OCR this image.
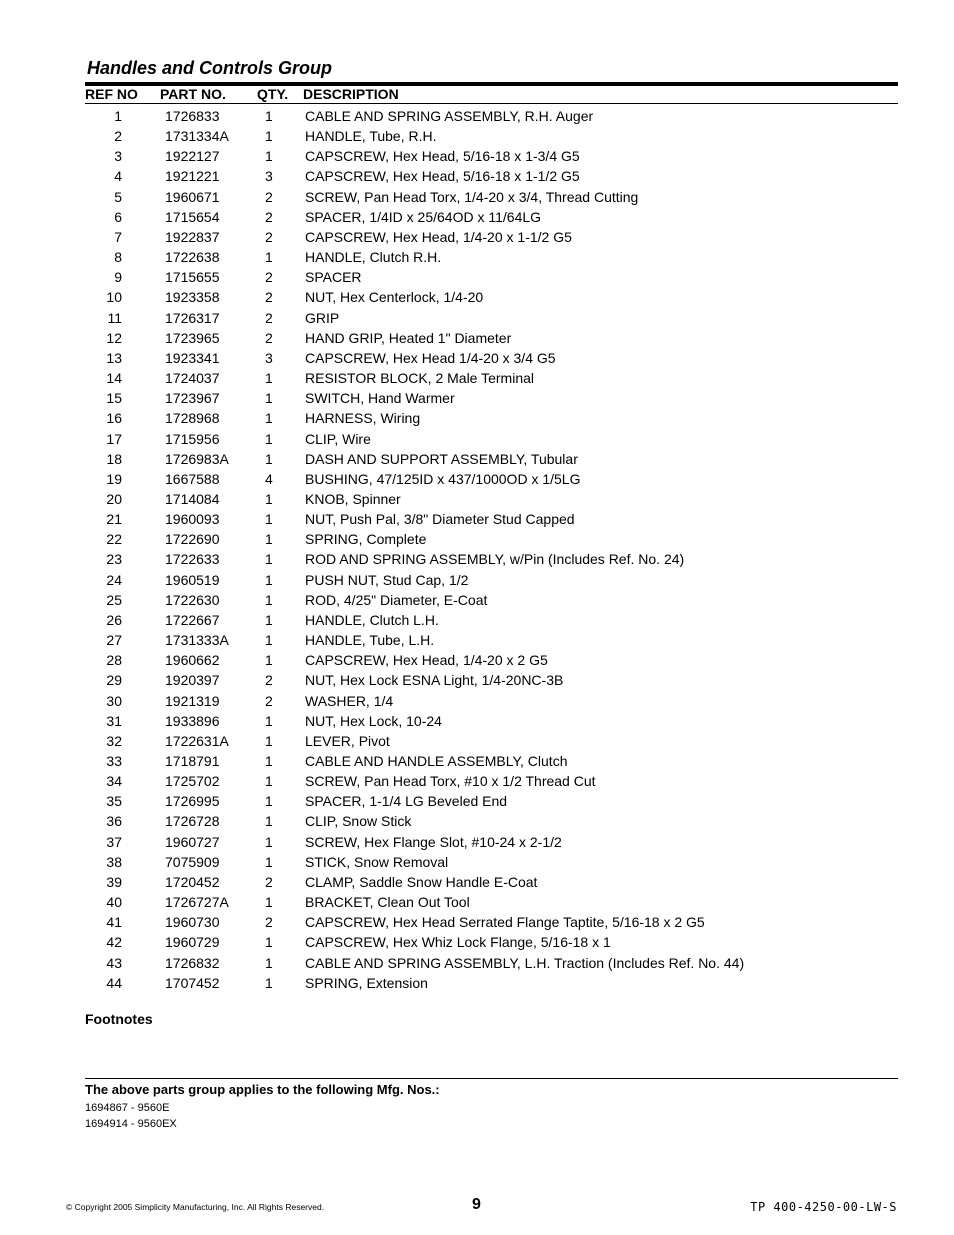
Handles and Controls Group
REF NO PART NO. QTY. DESCRIPTION
1	1726833	1 CABLE AND SPRING ASSEMBLY, R.H. Auger
2	1731334A	1 HANDLE, Tube, R.H.
3	1922127	1 CAPSCREW, Hex Head, 5/16-18 x 1-3/4 G5
4	1921221	3 CAPSCREW, Hex Head, 5/16-18 x 1-1/2 G5
5	1960671	2 SCREW, Pan Head Torx, 1/4-20 x 3/4, Thread Cutting
6	1715654	2 SPACER, 1/4ID x 25/64OD x 11/64LG
7	1922837	2 CAPSCREW, Hex Head, 1/4-20 x 1-1/2 G5
8	1722638	1 HANDLE, Clutch R.H.
9	1715655	2 SPACER
10	1923358	2 NUT, Hex Centerlock, 1/4-20
11	1726317	2 GRIP
12	1723965	2 HAND GRIP, Heated 1" Diameter
13	1923341	3 CAPSCREW, Hex Head 1/4-20 x 3/4 G5
14	1724037	1 RESISTOR BLOCK, 2 Male Terminal
15	1723967	1 SWITCH, Hand Warmer
16	1728968	1 HARNESS, Wiring
17	1715956	1 CLIP, Wire
18	1726983A	1 DASH AND SUPPORT ASSEMBLY, Tubular
19	1667588	4 BUSHING, 47/125ID x 437/1000OD x 1/5LG
20	1714084	1 KNOB, Spinner
21	1960093	1 NUT, Push Pal, 3/8" Diameter Stud Capped
22	1722690	1 SPRING, Complete
23	1722633	1 ROD AND SPRING ASSEMBLY, w/Pin (Includes Ref. No. 24)
24	1960519	1 PUSH NUT, Stud Cap, 1/2
25	1722630	1 ROD, 4/25" Diameter, E-Coat
26	1722667	1 HANDLE, Clutch L.H.
27	1731333A	1 HANDLE, Tube, L.H.
28	1960662	1 CAPSCREW, Hex Head, 1/4-20 x 2 G5
29	1920397	2 NUT, Hex Lock ESNA Light, 1/4-20NC-3B
30	1921319	2 WASHER, 1/4
31	1933896	1 NUT, Hex Lock, 10-24
32	1722631A	1 LEVER, Pivot
33	1718791	1 CABLE AND HANDLE ASSEMBLY, Clutch
34	1725702	1 SCREW, Pan Head Torx, #10 x 1/2 Thread Cut
35	1726995	1 SPACER, 1-1/4 LG Beveled End
36	1726728	1 CLIP, Snow Stick
37	1960727	1 SCREW, Hex Flange Slot, #10-24 x 2-1/2
38	7075909	1 STICK, Snow Removal
39	1720452	2 CLAMP, Saddle Snow Handle E-Coat
40	1726727A	1 BRACKET, Clean Out Tool
41	1960730	2 CAPSCREW, Hex Head Serrated Flange Taptite, 5/16-18 x 2 G5
42	1960729	1 CAPSCREW, Hex Whiz Lock Flange, 5/16-18 x 1
43	1726832	1 CABLE AND SPRING ASSEMBLY, L.H. Traction (Includes Ref. No. 44)
44	1707452	1 SPRING, Extension
Footnotes
The above parts group applies to the following Mfg. Nos.:
1694867 - 9560E
1694914 - 9560EX
© Copyright 2005 Simplicity Manufacturing, Inc. All Rights Reserved.	9	TP 400-4250-00-LW-S
